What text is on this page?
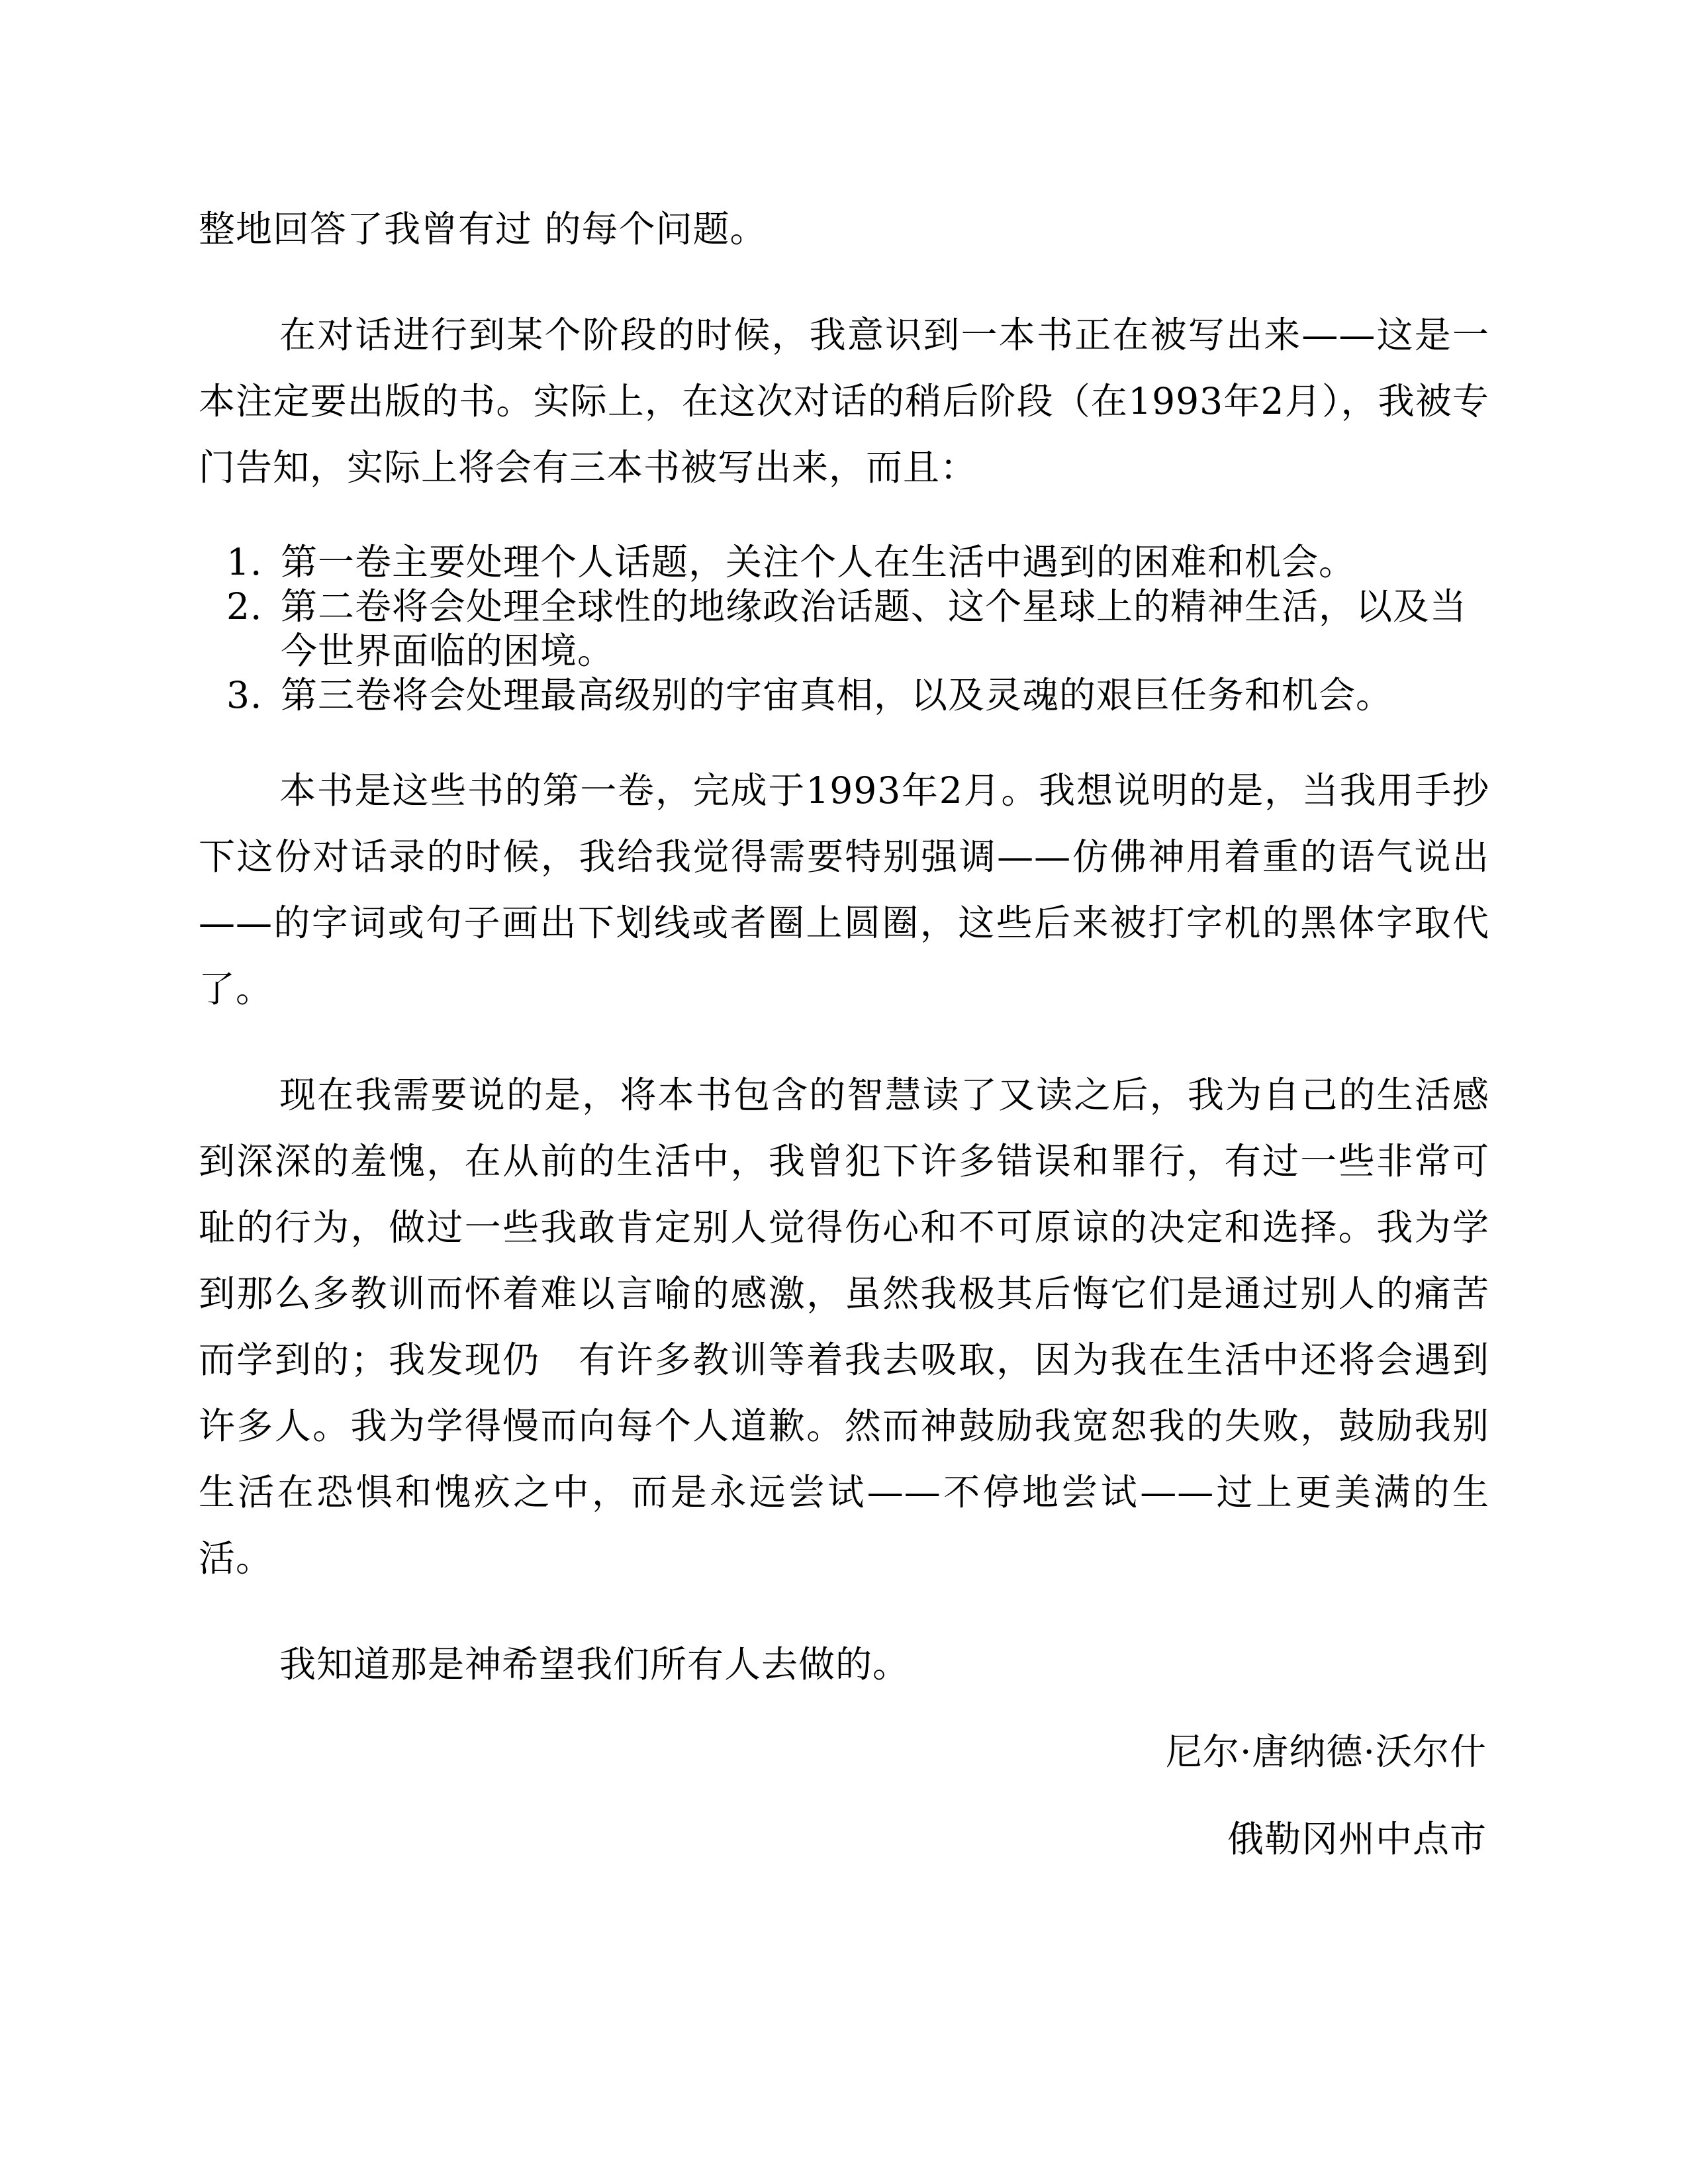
整地回答了我曾有过 的每个问题。

在对话进行到某个阶段的时候，我意识到一本书正在被写出来——这是一本注定要出版的书。实际上，在这次对话的稍后阶段（在1993年2月），我被专门告知，实际上将会有三本书被写出来，而且：

1. 第一卷主要处理个人话题，关注个人在生活中遇到的困难和机会。
2. 第二卷将会处理全球性的地缘政治话题、这个星球上的精神生活，以及当今世界面临的困境。
3. 第三卷将会处理最高级别的宇宙真相，以及灵魂的艰巨任务和机会。

本书是这些书的第一卷，完成于1993年2月。我想说明的是，当我用手抄下这份对话录的时候，我给我觉得需要特别强调——仿佛神用着重的语气说出——的字词或句子画出下划线或者圈上圆圈，这些后来被打字机的黑体字取代了。

现在我需要说的是，将本书包含的智慧读了又读之后，我为自己的生活感到深深的羞愧，在从前的生活中，我曾犯下许多错误和罪行，有过一些非常可耻的行为，做过一些我敢肯定别人觉得伤心和不可原谅的决定和选择。我为学到那么多教训而怀着难以言喻的感激，虽然我极其后悔它们是通过别人的痛苦而学到的；我发现仍　有许多教训等着我去吸取，因为我在生活中还将会遇到许多人。我为学得慢而向每个人道歉。然而神鼓励我宽恕我的失败，鼓励我别生活在恐惧和愧疚之中，而是永远尝试——不停地尝试——过上更美满的生活。

我知道那是神希望我们所有人去做的。

尼尔·唐纳德·沃尔什

俄勒冈州中点市
